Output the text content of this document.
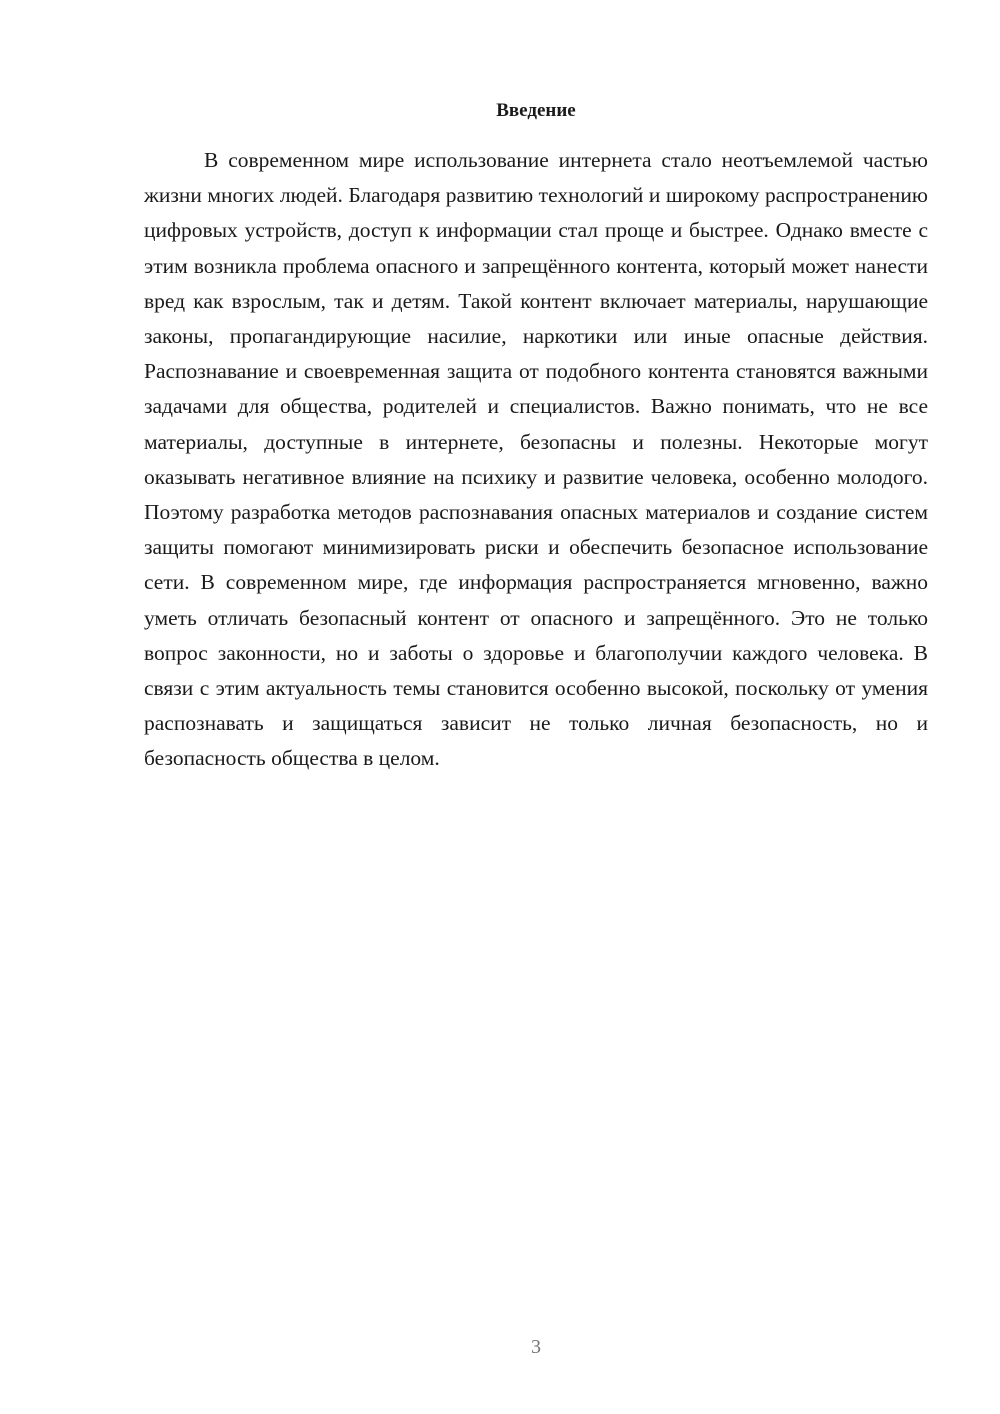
Введение

В современном мире использование интернета стало неотъемлемой частью жизни многих людей. Благодаря развитию технологий и широкому распространению цифровых устройств, доступ к информации стал проще и быстрее. Однако вместе с этим возникла проблема опасного и запрещённого контента, который может нанести вред как взрослым, так и детям. Такой контент включает материалы, нарушающие законы, пропагандирующие насилие, наркотики или иные опасные действия. Распознавание и своевременная защита от подобного контента становятся важными задачами для общества, родителей и специалистов. Важно понимать, что не все материалы, доступные в интернете, безопасны и полезны. Некоторые могут оказывать негативное влияние на психику и развитие человека, особенно молодого. Поэтому разработка методов распознавания опасных материалов и создание систем защиты помогают минимизировать риски и обеспечить безопасное использование сети. В современном мире, где информация распространяется мгновенно, важно уметь отличать безопасный контент от опасного и запрещённого. Это не только вопрос законности, но и заботы о здоровье и благополучии каждого человека. В связи с этим актуальность темы становится особенно высокой, поскольку от умения распознавать и защищаться зависит не только личная безопасность, но и безопасность общества в целом.

3
